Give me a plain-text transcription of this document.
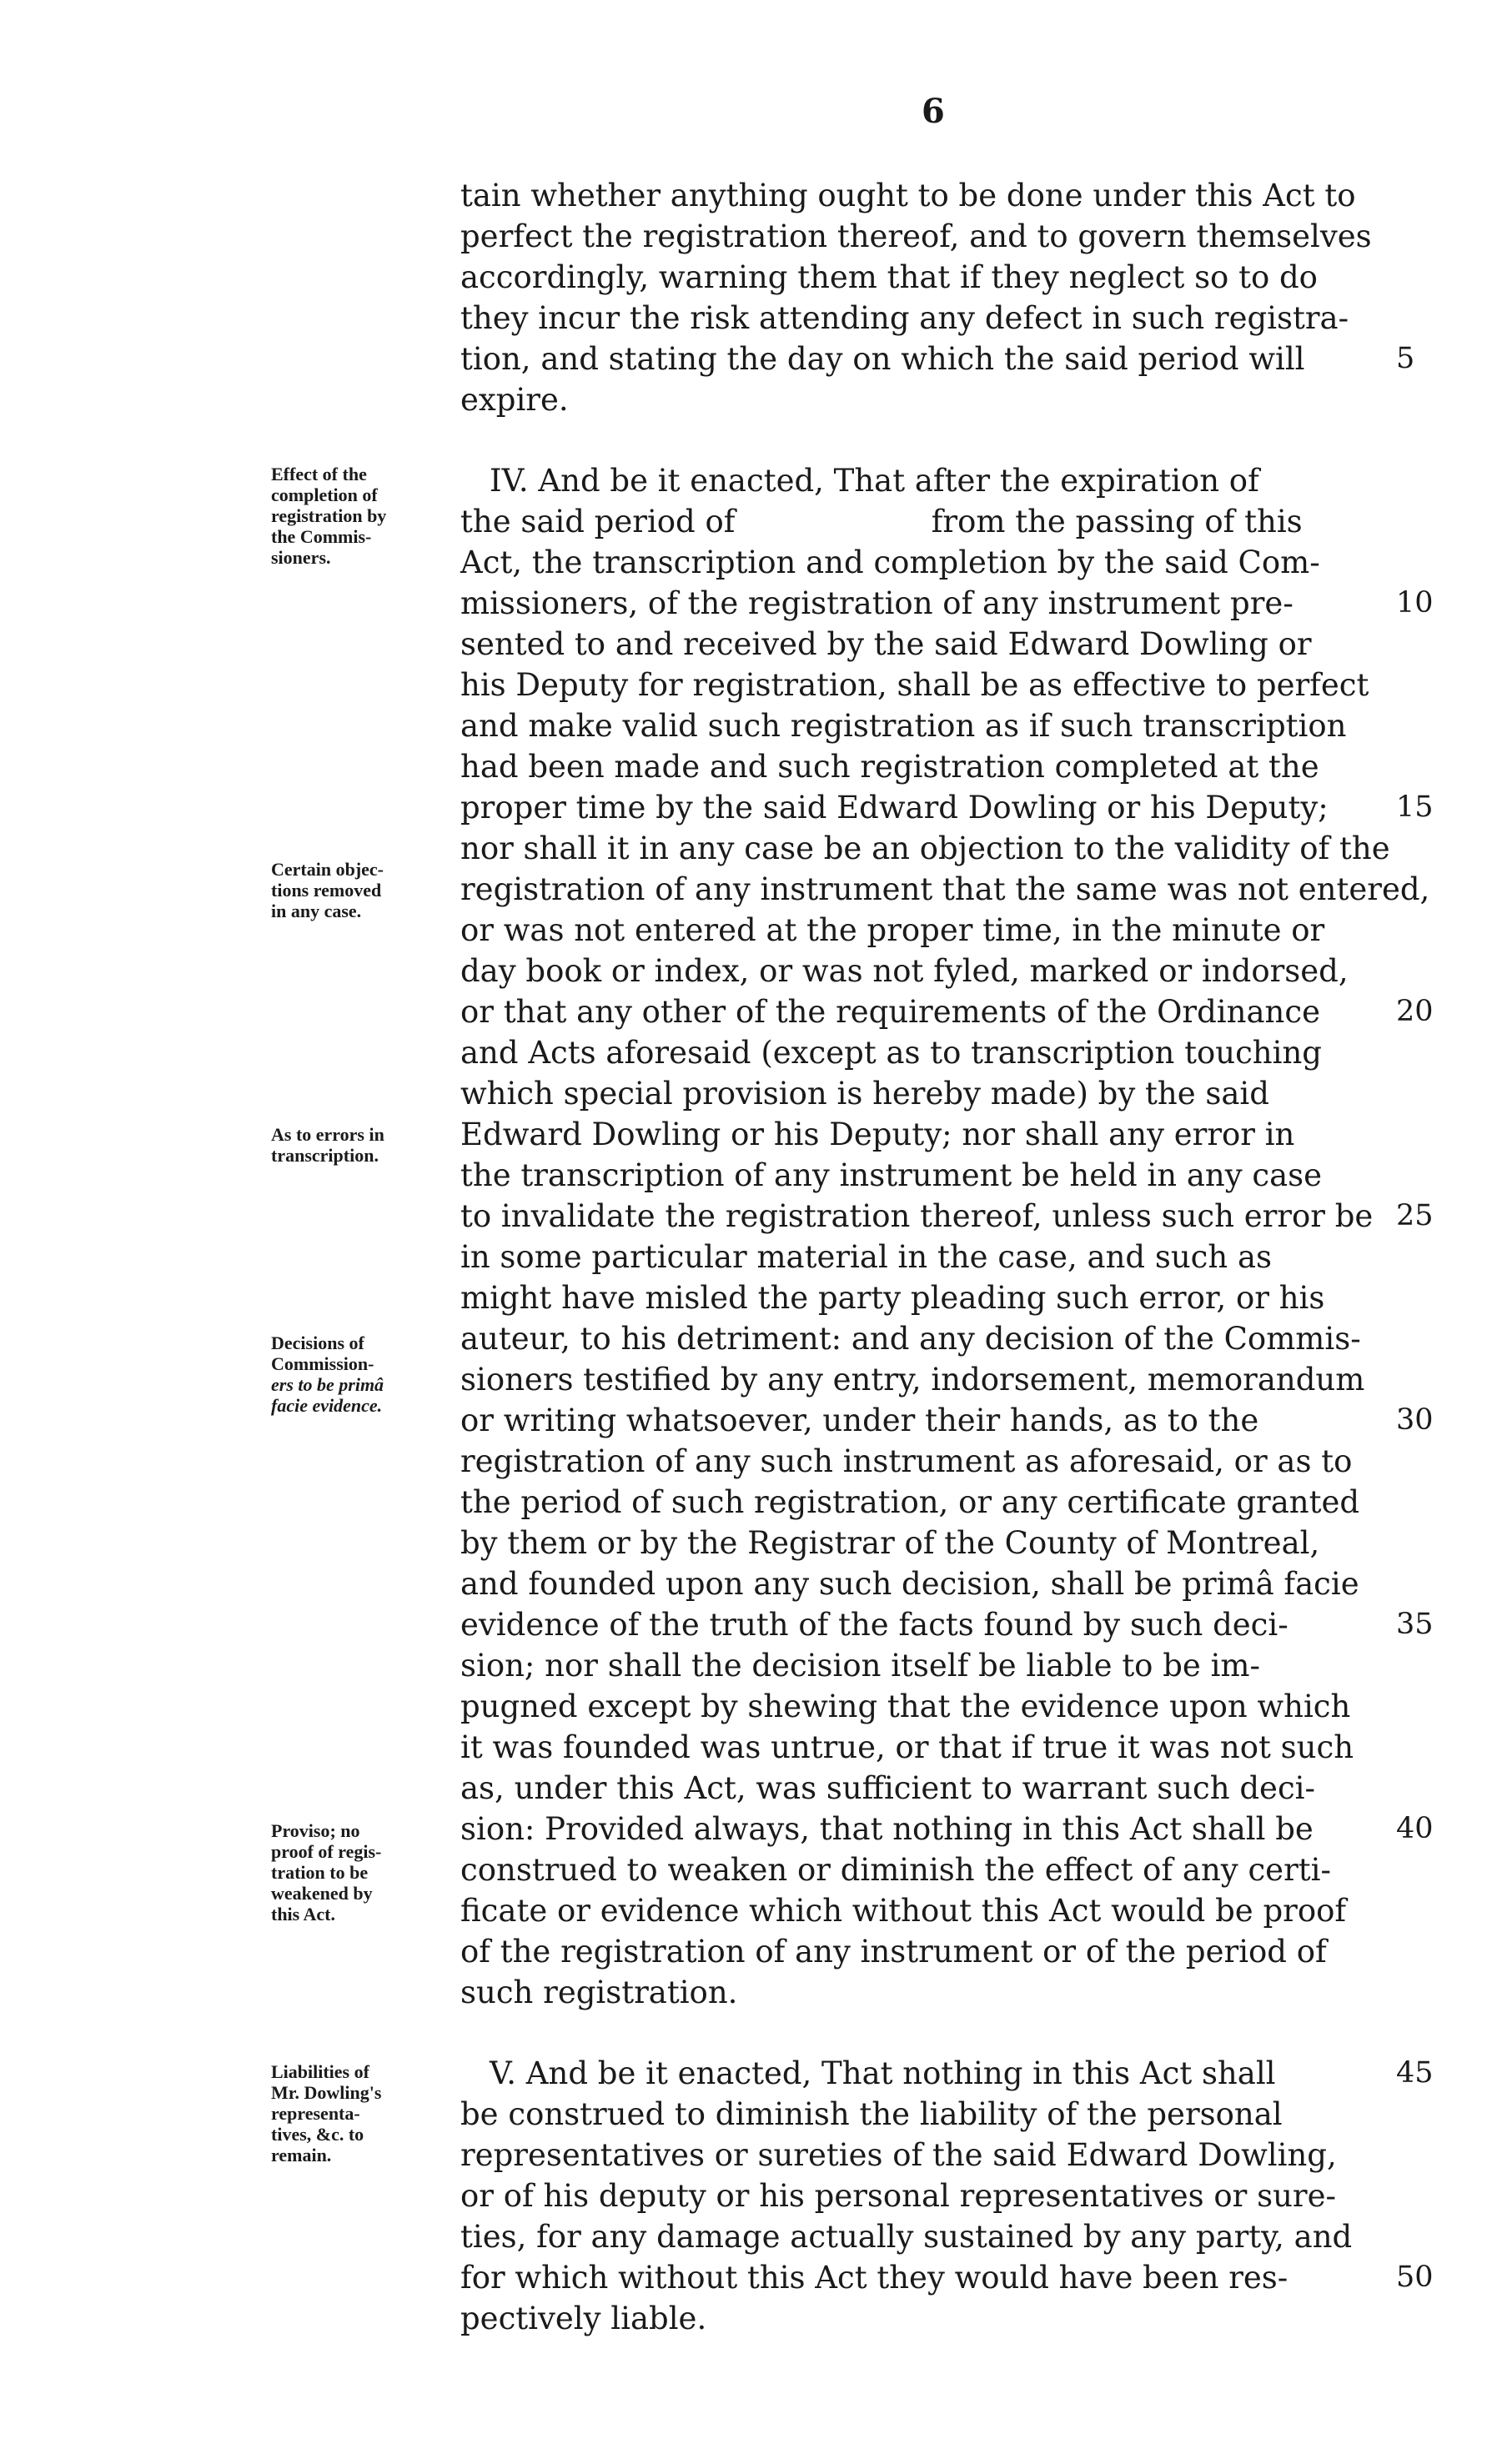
6
tain whether anything ought to be done under this Act to
perfect the registration thereof, and to govern themselves
accordingly, warning them that if they neglect so to do
they incur the risk attending any defect in such registra-
tion, and stating the day on which the said period will	5
expire.
IV. And be it enacted, That after the expiration of
the said period of                    from the passing of this
Act, the transcription and completion by the said Com-
missioners, of the registration of any instrument pre-	10
sented to and received by the said Edward Dowling or
his Deputy for registration, shall be as effective to perfect
and make valid such registration as if such transcription
had been made and such registration completed at the
proper time by the said Edward Dowling or his Deputy; 15
nor shall it in any case be an objection to the validity of the
registration of any instrument that the same was not entered,
or was not entered at the proper time, in the minute or
day book or index, or was not fyled, marked or indorsed,
or that any other of the requirements of the Ordinance	20
and Acts aforesaid (except as to transcription touching
which special provision is hereby made) by the said
Edward Dowling or his Deputy; nor shall any error in
the transcription of any instrument be held in any case
to invalidate the registration thereof, unless such error be 25
in some particular material in the case, and such as
might have misled the party pleading such error, or his
auteur, to his detriment: and any decision of the Commis-
sioners testified by any entry, indorsement, memorandum
or writing whatsoever, under their hands, as to the	30
registration of any such instrument as aforesaid, or as to
the period of such registration, or any certificate granted
by them or by the Registrar of the County of Montreal,
and founded upon any such decision, shall be primâ facie
evidence of the truth of the facts found by such deci-	35
sion; nor shall the decision itself be liable to be im-
pugned except by shewing that the evidence upon which
it was founded was untrue, or that if true it was not such
as, under this Act, was sufficient to warrant such deci-
sion: Provided always, that nothing in this Act shall be	40
construed to weaken or diminish the effect of any certi-
ficate or evidence which without this Act would be proof
of the registration of any instrument or of the period of
such registration.
V. And be it enacted, That nothing in this Act shall	45
be construed to diminish the liability of the personal
representatives or sureties of the said Edward Dowling,
or of his deputy or his personal representatives or sure-
ties, for any damage actually sustained by any party, and
for which without this Act they would have been res-	50
pectively liable.
Effect of the
completion of
registration by
the Commis-
sioners.
Certain objec-
tions removed
in any case.
As to errors in
transcription.
Decisions of
Commission-
ers to be primâ
facie evidence.
Proviso; no
proof of regis-
tration to be
weakened by
this Act.
Liabilities of
Mr. Dowling's
representa-
tives, &c. to
remain.
